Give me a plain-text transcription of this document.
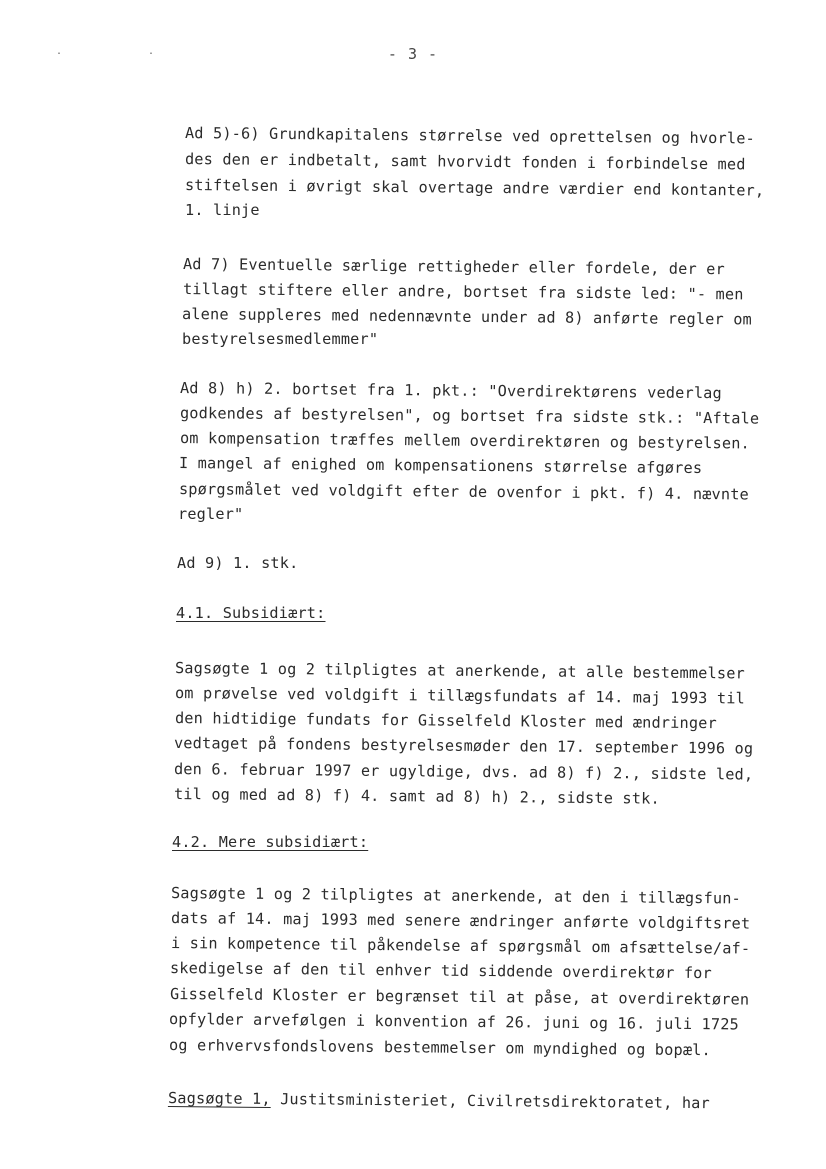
- 3 -
. .
Ad 5)-6) Grundkapitalens størrelse ved oprettelsen og hvorle-
des den er indbetalt, samt hvorvidt fonden i forbindelse med
stiftelsen i øvrigt skal overtage andre værdier end kontanter,
1. linje
Ad 7) Eventuelle særlige rettigheder eller fordele, der er
tillagt stiftere eller andre, bortset fra sidste led: "- men
alene suppleres med nedennævnte under ad 8) anførte regler om
bestyrelsesmedlemmer"
Ad 8) h) 2. bortset fra 1. pkt.: "Overdirektørens vederlag
godkendes af bestyrelsen", og bortset fra sidste stk.: "Aftale
om kompensation træffes mellem overdirektøren og bestyrelsen.
I mangel af enighed om kompensationens størrelse afgøres
spørgsmålet ved voldgift efter de ovenfor i pkt. f) 4. nævnte
regler"
Ad 9) 1. stk.
4.1. Subsidiært:
Sagsøgte 1 og 2 tilpligtes at anerkende, at alle bestemmelser
om prøvelse ved voldgift i tillægsfundats af 14. maj 1993 til
den hidtidige fundats for Gisselfeld Kloster med ændringer
vedtaget på fondens bestyrelsesmøder den 17. september 1996 og
den 6. februar 1997 er ugyldige, dvs. ad 8) f) 2., sidste led,
til og med ad 8) f) 4. samt ad 8) h) 2., sidste stk.
4.2. Mere subsidiært:
Sagsøgte 1 og 2 tilpligtes at anerkende, at den i tillægsfun-
dats af 14. maj 1993 med senere ændringer anførte voldgiftsret
i sin kompetence til påkendelse af spørgsmål om afsættelse/af-
skedigelse af den til enhver tid siddende overdirektør for
Gisselfeld Kloster er begrænset til at påse, at overdirektøren
opfylder arvefølgen i konvention af 26. juni og 16. juli 1725
og erhvervsfondslovens bestemmelser om myndighed og bopæl.
Sagsøgte 1, Justitsministeriet, Civilretsdirektoratet, har
